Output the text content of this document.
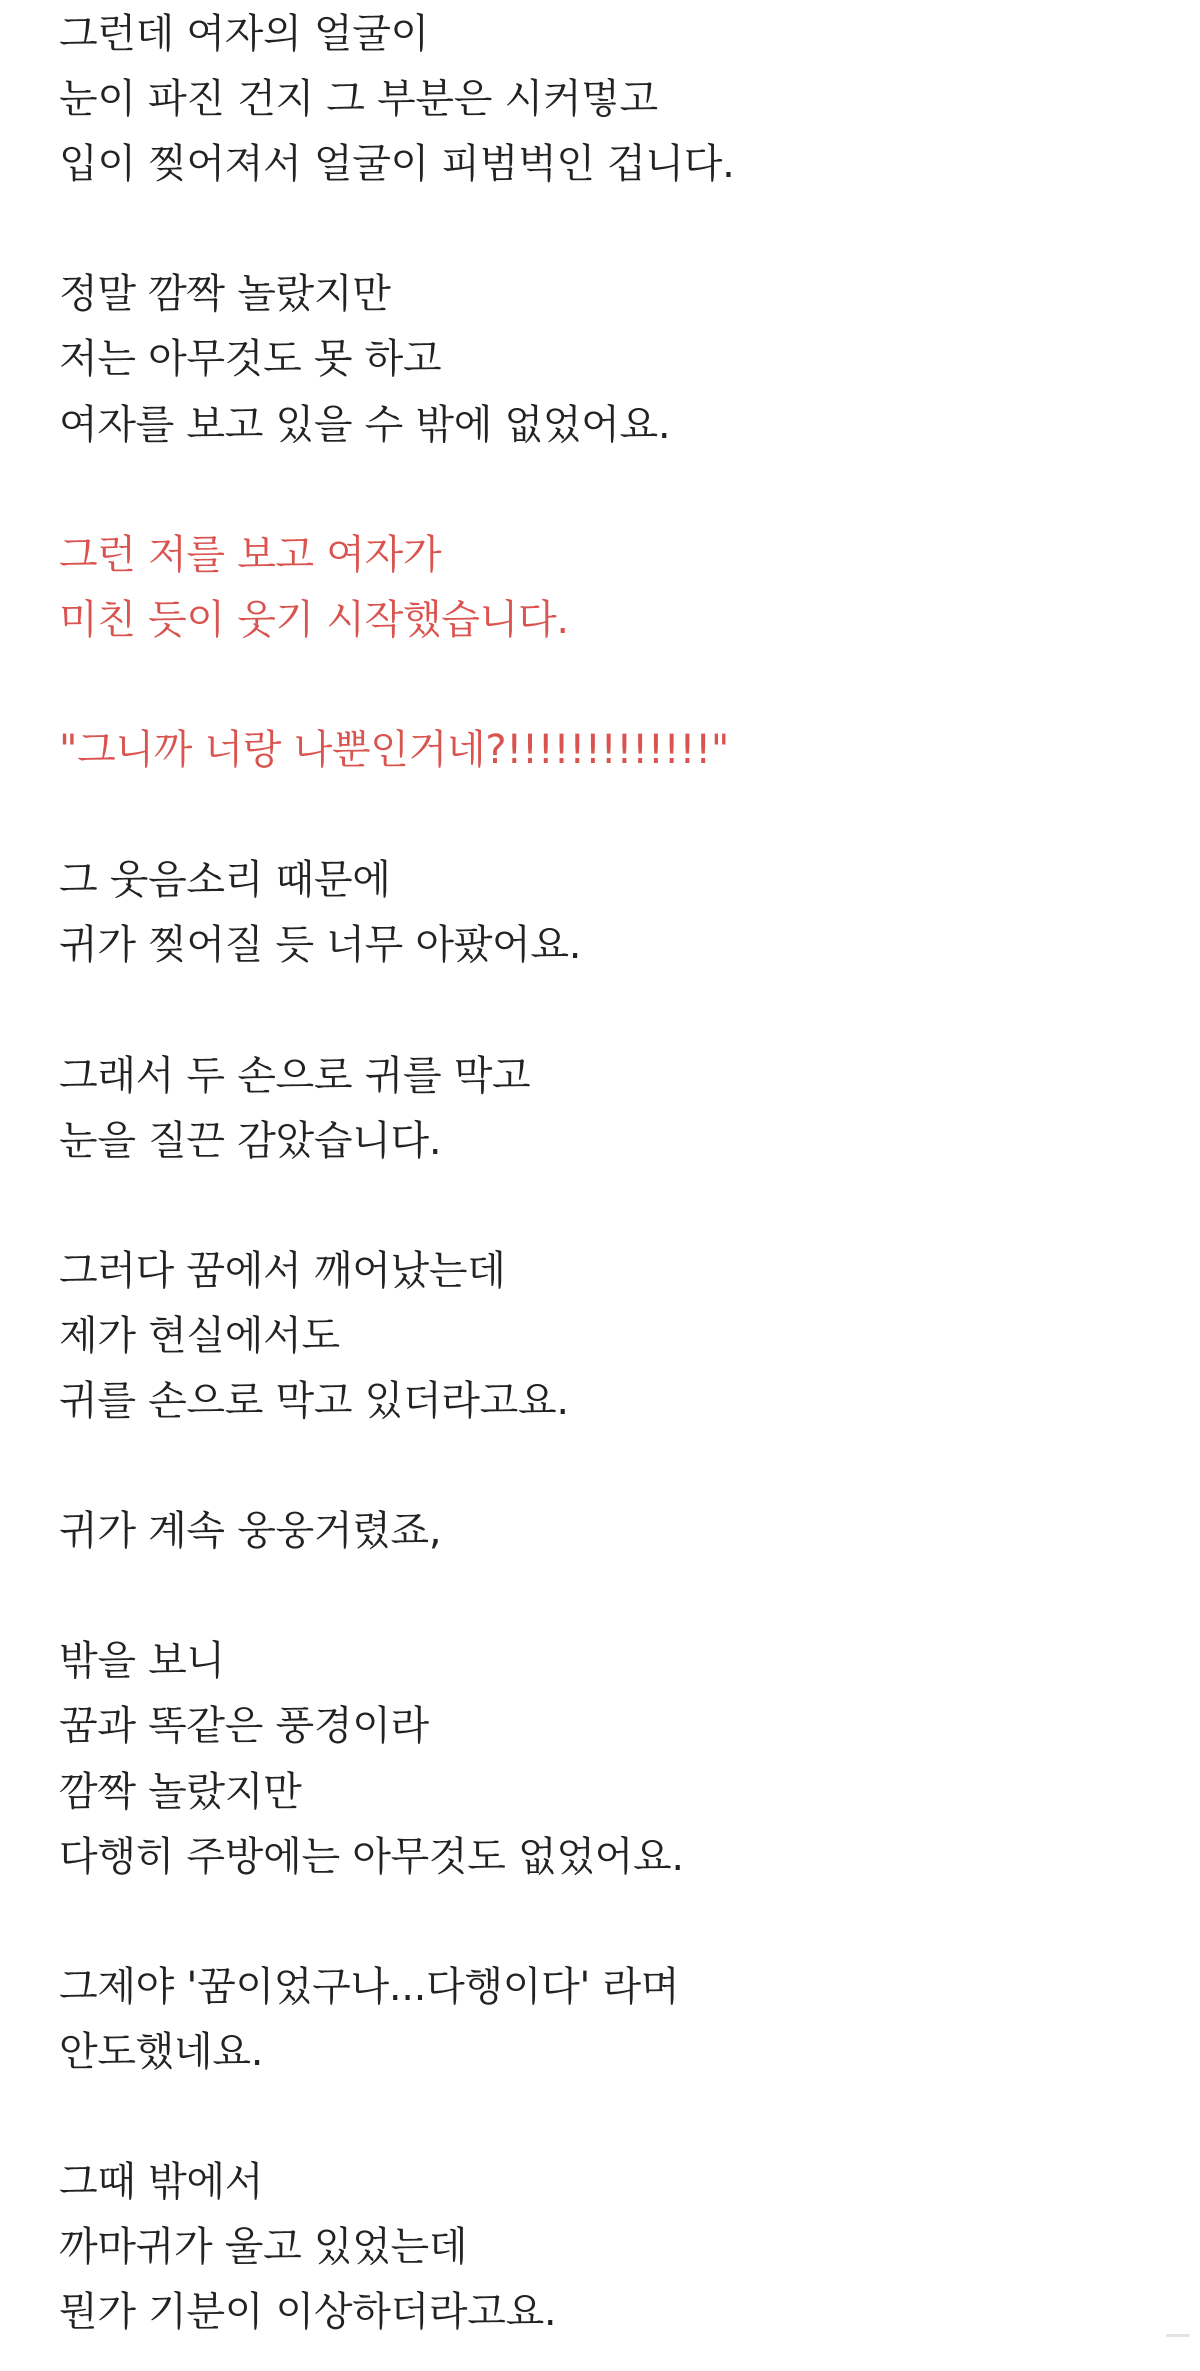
그런데 여자의 얼굴이
눈이 파진 건지 그 부분은 시커멓고
입이 찢어져서 얼굴이 피범벅인 겁니다.
정말 깜짝 놀랐지만
저는 아무것도 못 하고
여자를 보고 있을 수 밖에 없었어요.
그런 저를 보고 여자가
미친 듯이 웃기 시작했습니다.
"그니까 너랑 나뿐인거네?!!!!!!!!!!!!!"
그 웃음소리 때문에
귀가 찢어질 듯 너무 아팠어요.
그래서 두 손으로 귀를 막고
눈을 질끈 감았습니다.
그러다 꿈에서 깨어났는데
제가 현실에서도
귀를 손으로 막고 있더라고요.
귀가 계속 웅웅거렸죠,
밖을 보니
꿈과 똑같은 풍경이라
깜짝 놀랐지만
다행히 주방에는 아무것도 없었어요.
그제야 '꿈이었구나...다행이다' 라며
안도했네요.
그때 밖에서
까마귀가 울고 있었는데
뭔가 기분이 이상하더라고요.
